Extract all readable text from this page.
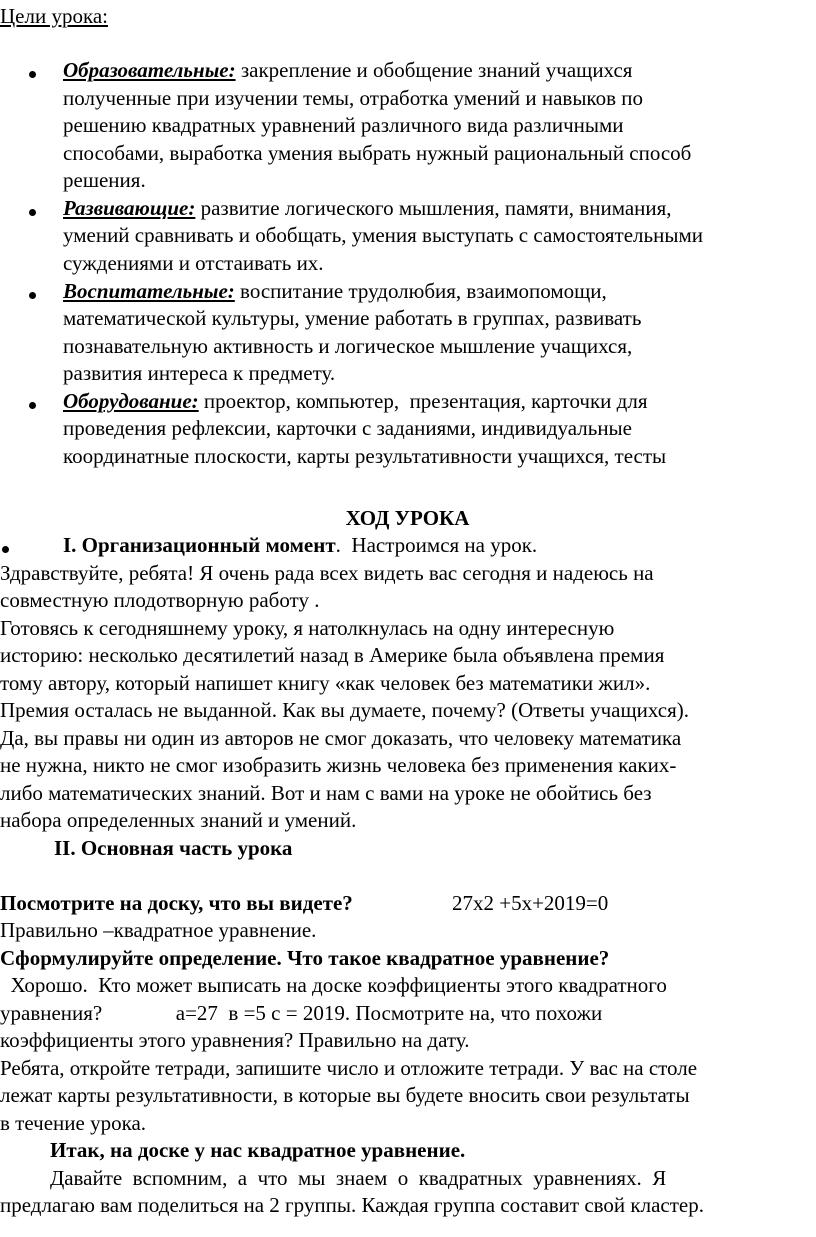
Цели урока:
Образовательные: закрепление и обобщение знаний учащихся
полученные при изучении темы, отработка умений и навыков по
решению квадратных уравнений различного вида различными
способами, выработка умения выбрать нужный рациональный способ
решения.
Развивающие: развитие логического мышления, памяти, внимания,
умений сравнивать и обобщать, умения выступать с самостоятельными
суждениями и отстаивать их.
Воспитательные: воспитание трудолюбия, взаимопомощи,
математической культуры, умение работать в группах, развивать
познавательную активность и логическое мышление учащихся,
развития интереса к предмету.
Оборудование: проектор, компьютер,  презентация, карточки для
проведения рефлексии, карточки с заданиями, индивидуальные
координатные плоскости, карты результативности учащихся, тесты
ХОД УРОКА
I. Организационный момент.  Настроимся на урок.
Здравствуйте, ребята! Я очень рада всех видеть вас сегодня и надеюсь на
совместную плодотворную работу .
Готовясь к сегодняшнему уроку, я натолкнулась на одну интересную
историю: несколько десятилетий назад в Америке была объявлена премия
тому автору, который напишет книгу «как человек без математики жил».
Премия осталась не выданной. Как вы думаете, почему? (Ответы учащихся).
Да, вы правы ни один из авторов не смог доказать, что человеку математика
не нужна, никто не смог изобразить жизнь человека без применения каких-
либо математических знаний. Вот и нам с вами на уроке не обойтись без
набора определенных знаний и умений.
II. Основная часть урока
Посмотрите на доску, что вы видете?	27х2 +5х+2019=0
Правильно –квадратное уравнение.
Сформулируйте определение. Что такое квадратное уравнение?
Хорошо.  Кто может выписать на доске коэффициенты этого квадратного
уравнения?              а=27  в =5 с = 2019. Посмотрите на, что похожи
коэффициенты этого уравнения? Правильно на дату.
Ребята, откройте тетради, запишите число и отложите тетради. У вас на столе
лежат карты результативности, в которые вы будете вносить свои результаты
в течение урока.
Итак, на доске у нас квадратное уравнение.
Давайте  вспомним,  а  что  мы  знаем  о  квадратных  уравнениях.  Я
предлагаю вам поделиться на 2 группы. Каждая группа составит свой кластер.
